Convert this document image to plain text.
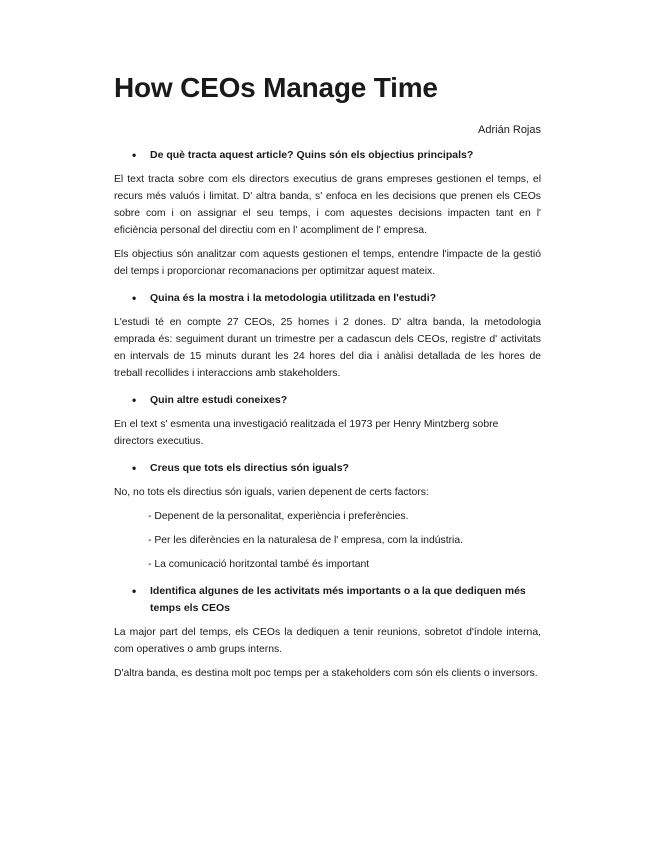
How CEOs Manage Time
Adrián Rojas
• De què tracta aquest article? Quins són els objectius principals?

El text tracta sobre com els directors executius de grans empreses gestionen el temps, el recurs més valuós i limitat. D' altra banda, s' enfoca en les decisions que prenen els CEOs sobre com i on assignar el seu temps, i com aquestes decisions impacten tant en l' eficiència personal del directiu com en l' acompliment de l' empresa.

Els objectius són analitzar com aquests gestionen el temps, entendre l'impacte de la gestió del temps i proporcionar recomanacions per optimitzar aquest mateix.

• Quina és la mostra i la metodologia utilitzada en l'estudi?

L'estudi té en compte 27 CEOs, 25 homes i 2 dones. D' altra banda, la metodologia emprada és: seguiment durant un trimestre per a cadascun dels CEOs, registre d' activitats en intervals de 15 minuts durant les 24 hores del dia i anàlisi detallada de les hores de treball recollides i interaccions amb stakeholders.

• Quin altre estudi coneixes?

En el text s' esmenta una investigació realitzada el 1973 per Henry Mintzberg sobre directors executius.

• Creus que tots els directius són iguals?

No, no tots els directius són iguals, varien depenent de certs factors:

- Depenent de la personalitat, experiència i preferències.
- Per les diferències en la naturalesa de l' empresa, com la indústria.
- La comunicació horitzontal també és important
• Identifica algunes de les activitats més importants o a la que dediquen més temps els CEOs

La major part del temps, els CEOs la dediquen a tenir reunions, sobretot d'índole interna, com operatives o amb grups interns.

D'altra banda, es destina molt poc temps per a stakeholders com són els clients o inversors.
